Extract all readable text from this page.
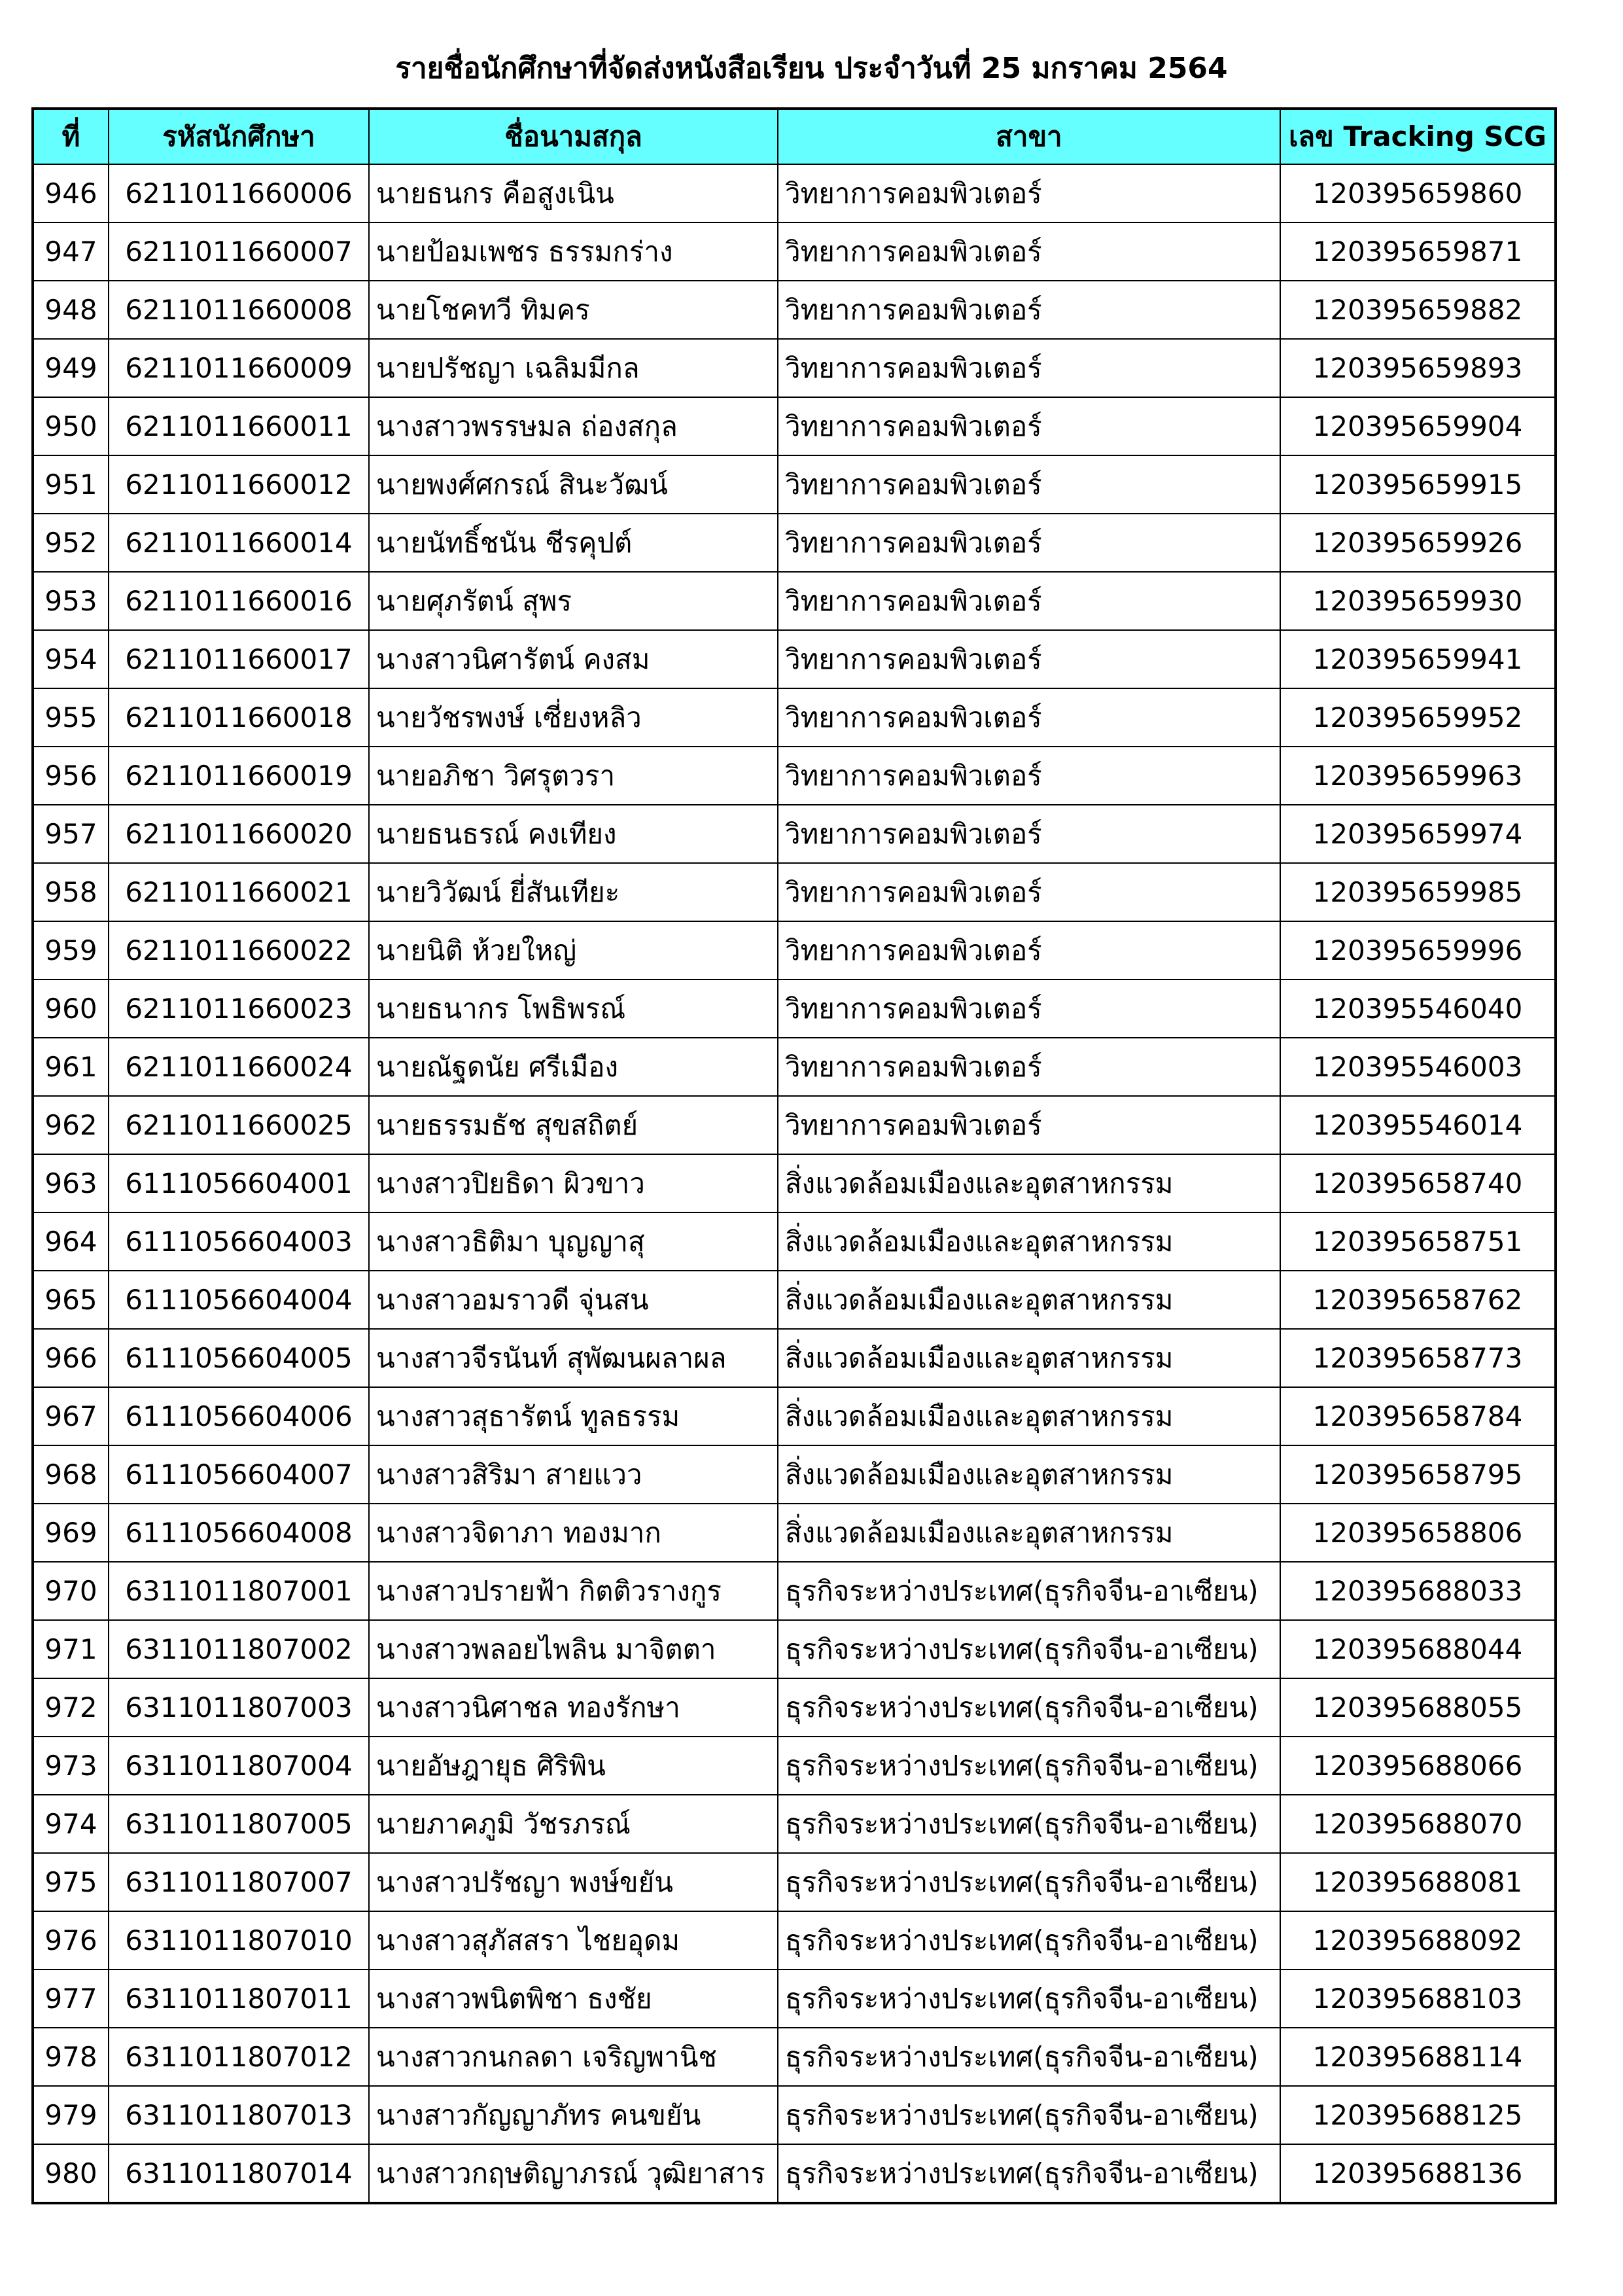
รายชื่อนักศึกษาที่จัดส่งหนังสือเรียน ประจำวันที่ 25 มกราคม 2564
ที่	รหัสนักศึกษา	ชื่อนามสกุล	สาขา	เลข Tracking SCG
946	6211011660006	นายธนกร คือสูงเนิน	วิทยาการคอมพิวเตอร์	120395659860
947	6211011660007	นายป้อมเพชร ธรรมกร่าง	วิทยาการคอมพิวเตอร์	120395659871
948	6211011660008	นายโชคทวี ทิมคร	วิทยาการคอมพิวเตอร์	120395659882
949	6211011660009	นายปรัชญา เฉลิมมีกล	วิทยาการคอมพิวเตอร์	120395659893
950	6211011660011	นางสาวพรรษมล ถ่องสกุล	วิทยาการคอมพิวเตอร์	120395659904
951	6211011660012	นายพงศ์ศกรณ์ สินะวัฒน์	วิทยาการคอมพิวเตอร์	120395659915
952	6211011660014	นายนัทธิ์ชนัน ชีรคุปต์	วิทยาการคอมพิวเตอร์	120395659926
953	6211011660016	นายศุภรัตน์ สุพร	วิทยาการคอมพิวเตอร์	120395659930
954	6211011660017	นางสาวนิศารัตน์ คงสม	วิทยาการคอมพิวเตอร์	120395659941
955	6211011660018	นายวัชรพงษ์ เซี่ยงหลิว	วิทยาการคอมพิวเตอร์	120395659952
956	6211011660019	นายอภิชา วิศรุตวรา	วิทยาการคอมพิวเตอร์	120395659963
957	6211011660020	นายธนธรณ์ คงเทียง	วิทยาการคอมพิวเตอร์	120395659974
958	6211011660021	นายวิวัฒน์ ยี่สันเทียะ	วิทยาการคอมพิวเตอร์	120395659985
959	6211011660022	นายนิติ ห้วยใหญ่	วิทยาการคอมพิวเตอร์	120395659996
960	6211011660023	นายธนากร โพธิพรณ์	วิทยาการคอมพิวเตอร์	120395546040
961	6211011660024	นายณัฐดนัย ศรีเมือง	วิทยาการคอมพิวเตอร์	120395546003
962	6211011660025	นายธรรมธัช สุขสถิตย์	วิทยาการคอมพิวเตอร์	120395546014
963	6111056604001	นางสาวปิยธิดา ผิวขาว	สิ่งแวดล้อมเมืองและอุตสาหกรรม	120395658740
964	6111056604003	นางสาวธิติมา บุญญาสุ	สิ่งแวดล้อมเมืองและอุตสาหกรรม	120395658751
965	6111056604004	นางสาวอมราวดี จุ่นสน	สิ่งแวดล้อมเมืองและอุตสาหกรรม	120395658762
966	6111056604005	นางสาวจีรนันท์ สุพัฒนผลาผล	สิ่งแวดล้อมเมืองและอุตสาหกรรม	120395658773
967	6111056604006	นางสาวสุธารัตน์ ทูลธรรม	สิ่งแวดล้อมเมืองและอุตสาหกรรม	120395658784
968	6111056604007	นางสาวสิริมา สายแวว	สิ่งแวดล้อมเมืองและอุตสาหกรรม	120395658795
969	6111056604008	นางสาวจิดาภา ทองมาก	สิ่งแวดล้อมเมืองและอุตสาหกรรม	120395658806
970	6311011807001	นางสาวปรายฟ้า กิตติวรางกูร	ธุรกิจระหว่างประเทศ(ธุรกิจจีน-อาเซียน)	120395688033
971	6311011807002	นางสาวพลอยไพลิน มาจิตตา	ธุรกิจระหว่างประเทศ(ธุรกิจจีน-อาเซียน)	120395688044
972	6311011807003	นางสาวนิศาชล ทองรักษา	ธุรกิจระหว่างประเทศ(ธุรกิจจีน-อาเซียน)	120395688055
973	6311011807004	นายอัษฎายุธ ศิริพิน	ธุรกิจระหว่างประเทศ(ธุรกิจจีน-อาเซียน)	120395688066
974	6311011807005	นายภาคภูมิ วัชรภรณ์	ธุรกิจระหว่างประเทศ(ธุรกิจจีน-อาเซียน)	120395688070
975	6311011807007	นางสาวปรัชญา พงษ์ขยัน	ธุรกิจระหว่างประเทศ(ธุรกิจจีน-อาเซียน)	120395688081
976	6311011807010	นางสาวสุภัสสรา ไชยอุดม	ธุรกิจระหว่างประเทศ(ธุรกิจจีน-อาเซียน)	120395688092
977	6311011807011	นางสาวพนิตพิชา ธงชัย	ธุรกิจระหว่างประเทศ(ธุรกิจจีน-อาเซียน)	120395688103
978	6311011807012	นางสาวกนกลดา เจริญพานิช	ธุรกิจระหว่างประเทศ(ธุรกิจจีน-อาเซียน)	120395688114
979	6311011807013	นางสาวกัญญาภัทร คนขยัน	ธุรกิจระหว่างประเทศ(ธุรกิจจีน-อาเซียน)	120395688125
980	6311011807014	นางสาวกฤษติญาภรณ์ วุฒิยาสาร	ธุรกิจระหว่างประเทศ(ธุรกิจจีน-อาเซียน)	120395688136
